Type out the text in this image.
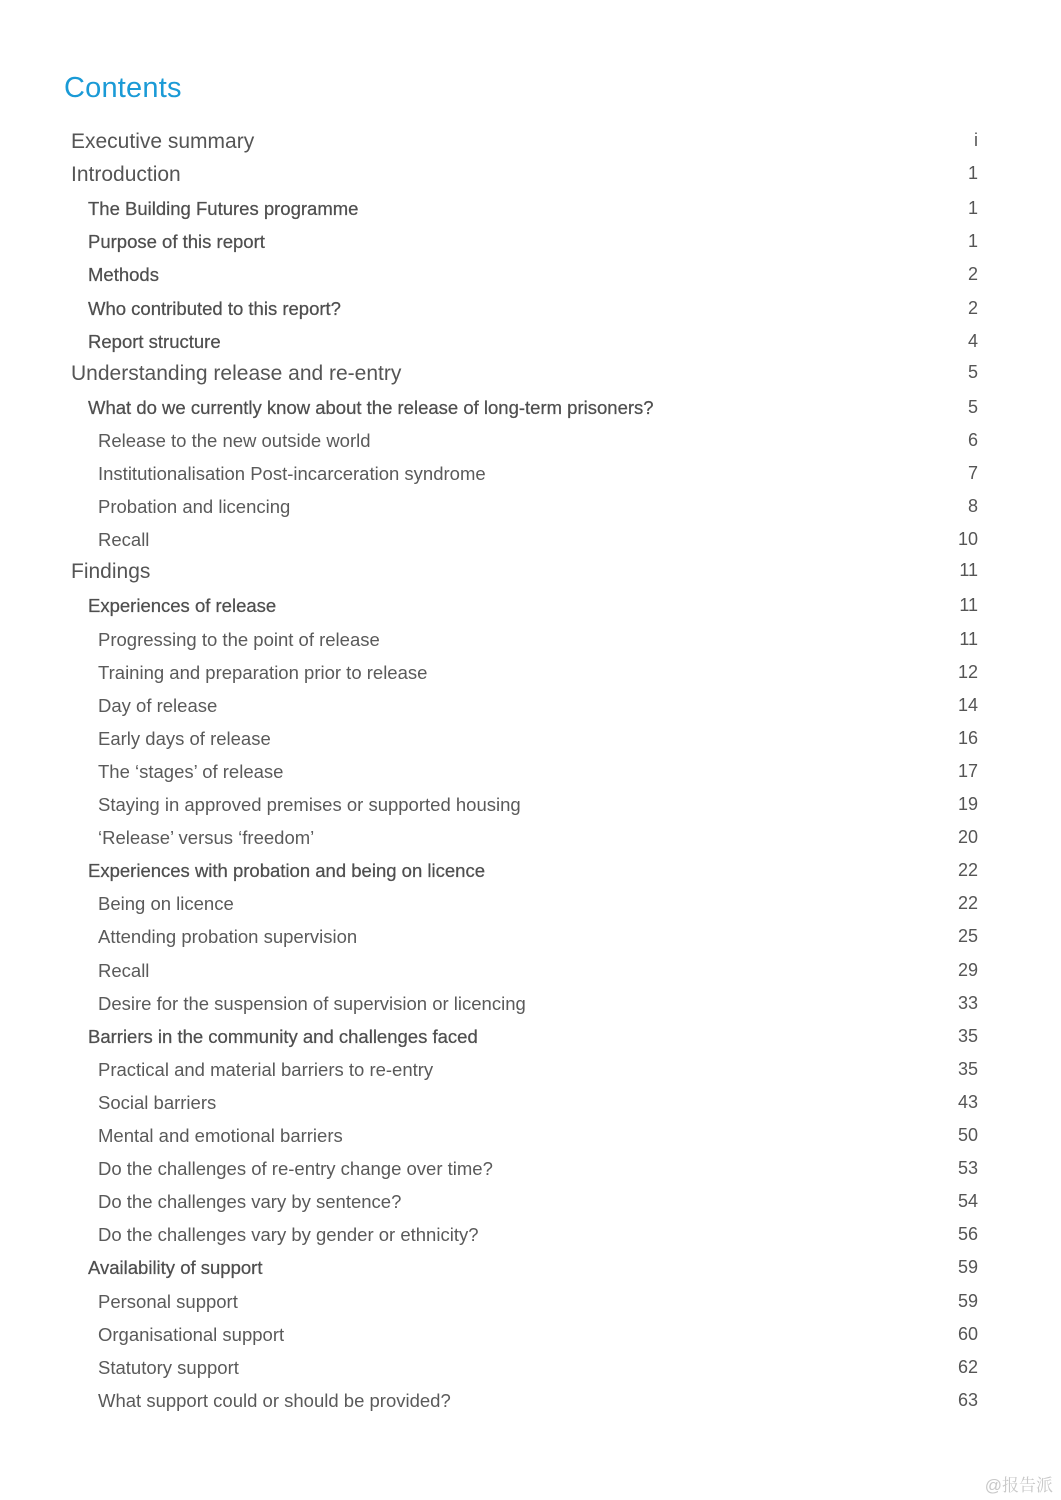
Contents
Executive summary	i
Introduction	1
The Building Futures programme	1
Purpose of this report	1
Methods	2
Who contributed to this report?	2
Report structure	4
Understanding release and re-entry	5
What do we currently know about the release of long-term prisoners?	5
Release to the new outside world	6
Institutionalisation Post-incarceration syndrome	7
Probation and licencing	8
Recall	10
Findings	11
Experiences of release	11
Progressing to the point of release	11
Training and preparation prior to release	12
Day of release	14
Early days of release	16
The ‘stages’ of release	17
Staying in approved premises or supported housing	19
‘Release’ versus ‘freedom’	20
Experiences with probation and being on licence	22
Being on licence	22
Attending probation supervision	25
Recall	29
Desire for the suspension of supervision or licencing	33
Barriers in the community and challenges faced	35
Practical and material barriers to re-entry	35
Social barriers	43
Mental and emotional barriers	50
Do the challenges of re-entry change over time?	53
Do the challenges vary by sentence?	54
Do the challenges vary by gender or ethnicity?	56
Availability of support	59
Personal support	59
Organisational support	60
Statutory support	62
What support could or should be provided?	63
@报告派
